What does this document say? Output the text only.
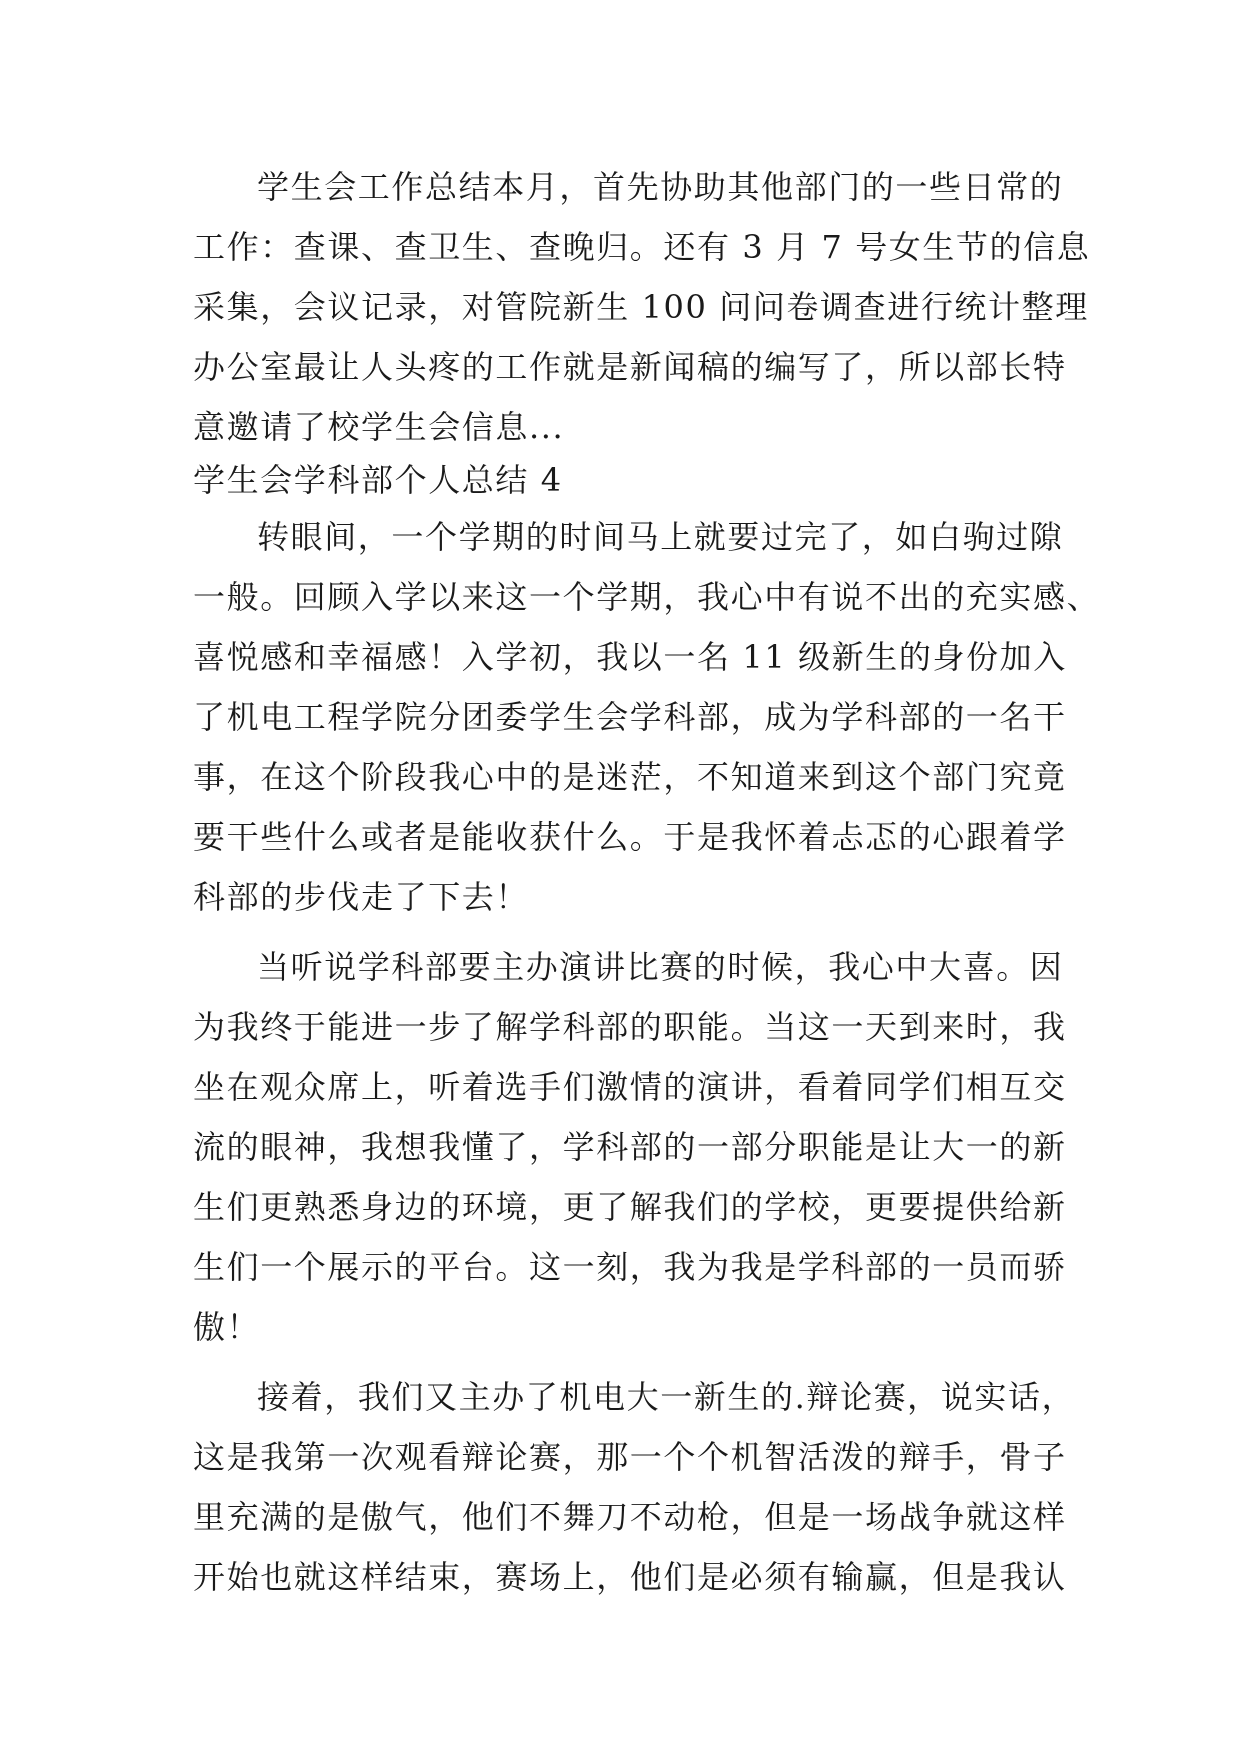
学生会工作总结本月，首先协助其他部门的一些日常的
工作：查课、查卫生、查晚归。还有 3 月 7 号女生节的信息
采集，会议记录，对管院新生 100 问问卷调查进行统计整理
办公室最让人头疼的工作就是新闻稿的编写了，所以部长特
意邀请了校学生会信息...
学生会学科部个人总结 4
转眼间，一个学期的时间马上就要过完了，如白驹过隙
一般。回顾入学以来这一个学期，我心中有说不出的充实感、
喜悦感和幸福感！入学初，我以一名 11 级新生的身份加入
了机电工程学院分团委学生会学科部，成为学科部的一名干
事，在这个阶段我心中的是迷茫，不知道来到这个部门究竟
要干些什么或者是能收获什么。于是我怀着忐忑的心跟着学
科部的步伐走了下去！
当听说学科部要主办演讲比赛的时候，我心中大喜。因
为我终于能进一步了解学科部的职能。当这一天到来时，我
坐在观众席上，听着选手们激情的演讲，看着同学们相互交
流的眼神，我想我懂了，学科部的一部分职能是让大一的新
生们更熟悉身边的环境，更了解我们的学校，更要提供给新
生们一个展示的平台。这一刻，我为我是学科部的一员而骄
傲！
接着，我们又主办了机电大一新生的.辩论赛，说实话，
这是我第一次观看辩论赛，那一个个机智活泼的辩手，骨子
里充满的是傲气，他们不舞刀不动枪，但是一场战争就这样
开始也就这样结束，赛场上，他们是必须有输赢，但是我认
